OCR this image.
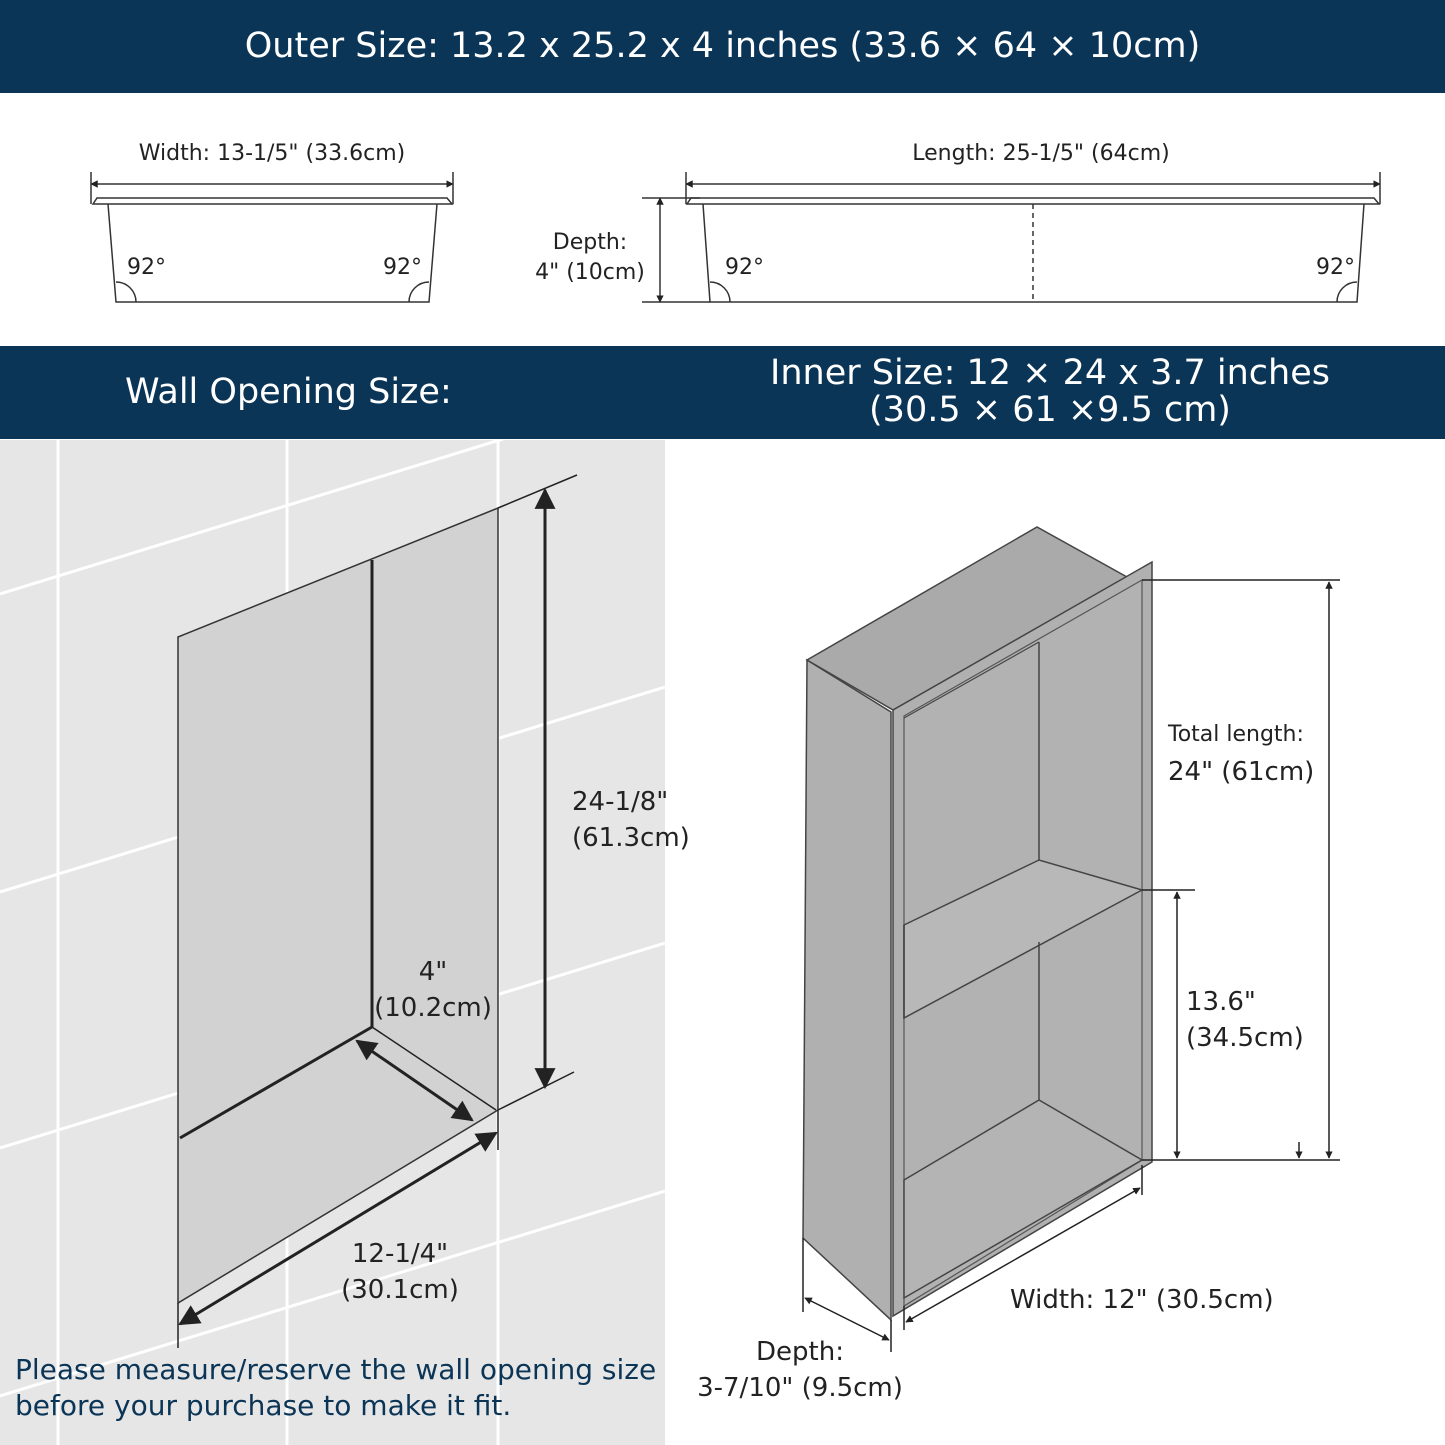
Outer Size: 13.2 x 25.2 x 4 inches (33.6 × 64 × 10cm)
Wall Opening Size:	Inner Size: 12 × 24 x 3.7 inches
(30.5 × 61 ×9.5 cm)
Width: 13-1/5" (33.6cm)	Length: 25-1/5" (64cm)
Depth:
4" (10cm)
92°	92°	92°	92°
24-1/8"
(61.3cm)
4"
(10.2cm)
12-1/4"
(30.1cm)
Please measure/reserve the wall opening size
before your purchase to make it fit.
Total length:
24" (61cm)
13.6"
(34.5cm)
Width: 12" (30.5cm)
Depth:
3-7/10" (9.5cm)
